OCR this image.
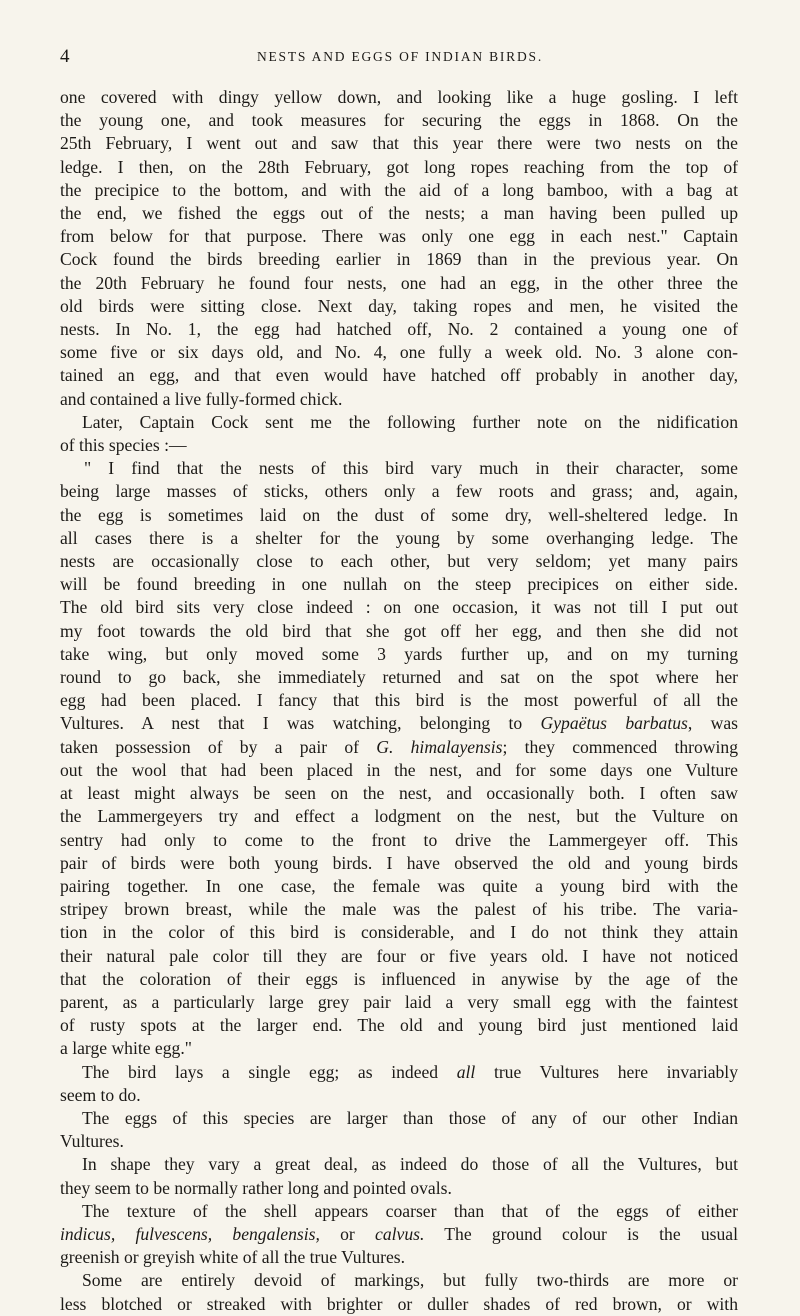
4	NESTS AND EGGS OF INDIAN BIRDS.
one covered with dingy yellow down, and looking like a huge gosling. I left
the young one, and took measures for securing the eggs in 1868. On the
25th February, I went out and saw that this year there were two nests on the
ledge. I then, on the 28th February, got long ropes reaching from the top of
the precipice to the bottom, and with the aid of a long bamboo, with a bag at
the end, we fished the eggs out of the nests; a man having been pulled up
from below for that purpose. There was only one egg in each nest." Captain
Cock found the birds breeding earlier in 1869 than in the previous year. On
the 20th February he found four nests, one had an egg, in the other three the
old birds were sitting close. Next day, taking ropes and men, he visited the
nests. In No. 1, the egg had hatched off, No. 2 contained a young one of
some five or six days old, and No. 4, one fully a week old. No. 3 alone con-
tained an egg, and that even would have hatched off probably in another day,
and contained a live fully-formed chick.
Later, Captain Cock sent me the following further note on the nidification
of this species :—
" I find that the nests of this bird vary much in their character, some
being large masses of sticks, others only a few roots and grass; and, again,
the egg is sometimes laid on the dust of some dry, well-sheltered ledge. In
all cases there is a shelter for the young by some overhanging ledge. The
nests are occasionally close to each other, but very seldom; yet many pairs
will be found breeding in one nullah on the steep precipices on either side.
The old bird sits very close indeed : on one occasion, it was not till I put out
my foot towards the old bird that she got off her egg, and then she did not
take wing, but only moved some 3 yards further up, and on my turning
round to go back, she immediately returned and sat on the spot where her
egg had been placed. I fancy that this bird is the most powerful of all the
Vultures. A nest that I was watching, belonging to Gypaëtus barbatus, was
taken possession of by a pair of G. himalayensis; they commenced throwing
out the wool that had been placed in the nest, and for some days one Vulture
at least might always be seen on the nest, and occasionally both. I often saw
the Lammergeyers try and effect a lodgment on the nest, but the Vulture on
sentry had only to come to the front to drive the Lammergeyer off. This
pair of birds were both young birds. I have observed the old and young birds
pairing together. In one case, the female was quite a young bird with the
stripey brown breast, while the male was the palest of his tribe. The varia-
tion in the color of this bird is considerable, and I do not think they attain
their natural pale color till they are four or five years old. I have not noticed
that the coloration of their eggs is influenced in anywise by the age of the
parent, as a particularly large grey pair laid a very small egg with the faintest
of rusty spots at the larger end. The old and young bird just mentioned laid
a large white egg."
The bird lays a single egg; as indeed all true Vultures here invariably
seem to do.
The eggs of this species are larger than those of any of our other Indian
Vultures.
In shape they vary a great deal, as indeed do those of all the Vultures, but
they seem to be normally rather long and pointed ovals.
The texture of the shell appears coarser than that of the eggs of either
indicus, fulvescens, bengalensis, or calvus. The ground colour is the usual
greenish or greyish white of all the true Vultures.
Some are entirely devoid of markings, but fully two-thirds are more or
less blotched or streaked with brighter or duller shades of red brown, or with
